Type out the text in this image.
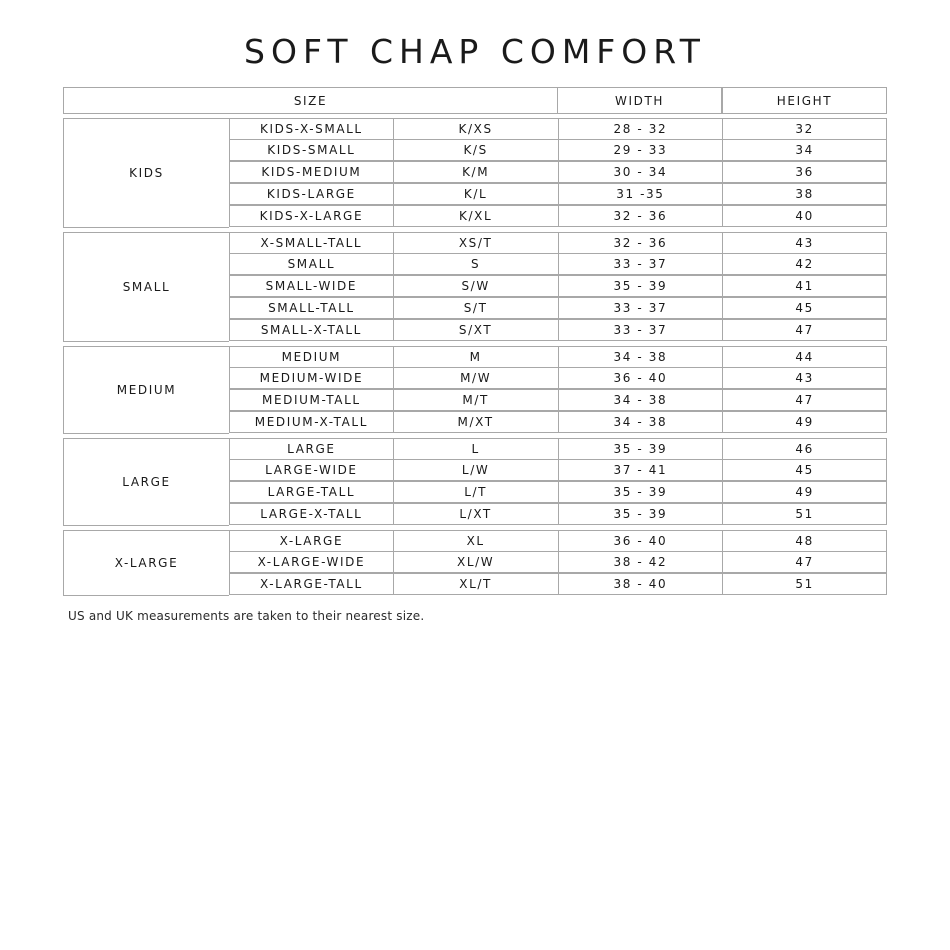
SOFT CHAP COMFORT
SIZE	WIDTH	HEIGHT
KIDS
KIDS-X-SMALL	K/XS	28 - 32	32
KIDS-SMALL	K/S	29 - 33	34
KIDS-MEDIUM	K/M	30 - 34	36
KIDS-LARGE	K/L	31 -35	38
KIDS-X-LARGE	K/XL	32 - 36	40
SMALL
X-SMALL-TALL	XS/T	32 - 36	43
SMALL	S	33 - 37	42
SMALL-WIDE	S/W	35 - 39	41
SMALL-TALL	S/T	33 - 37	45
SMALL-X-TALL	S/XT	33 - 37	47
MEDIUM
MEDIUM	M	34 - 38	44
MEDIUM-WIDE	M/W	36 - 40	43
MEDIUM-TALL	M/T	34 - 38	47
MEDIUM-X-TALL	M/XT	34 - 38	49
LARGE
LARGE	L	35 - 39	46
LARGE-WIDE	L/W	37 - 41	45
LARGE-TALL	L/T	35 - 39	49
LARGE-X-TALL	L/XT	35 - 39	51
X-LARGE
X-LARGE	XL	36 - 40	48
X-LARGE-WIDE	XL/W	38 - 42	47
X-LARGE-TALL	XL/T	38 - 40	51
US and UK measurements are taken to their nearest size.
